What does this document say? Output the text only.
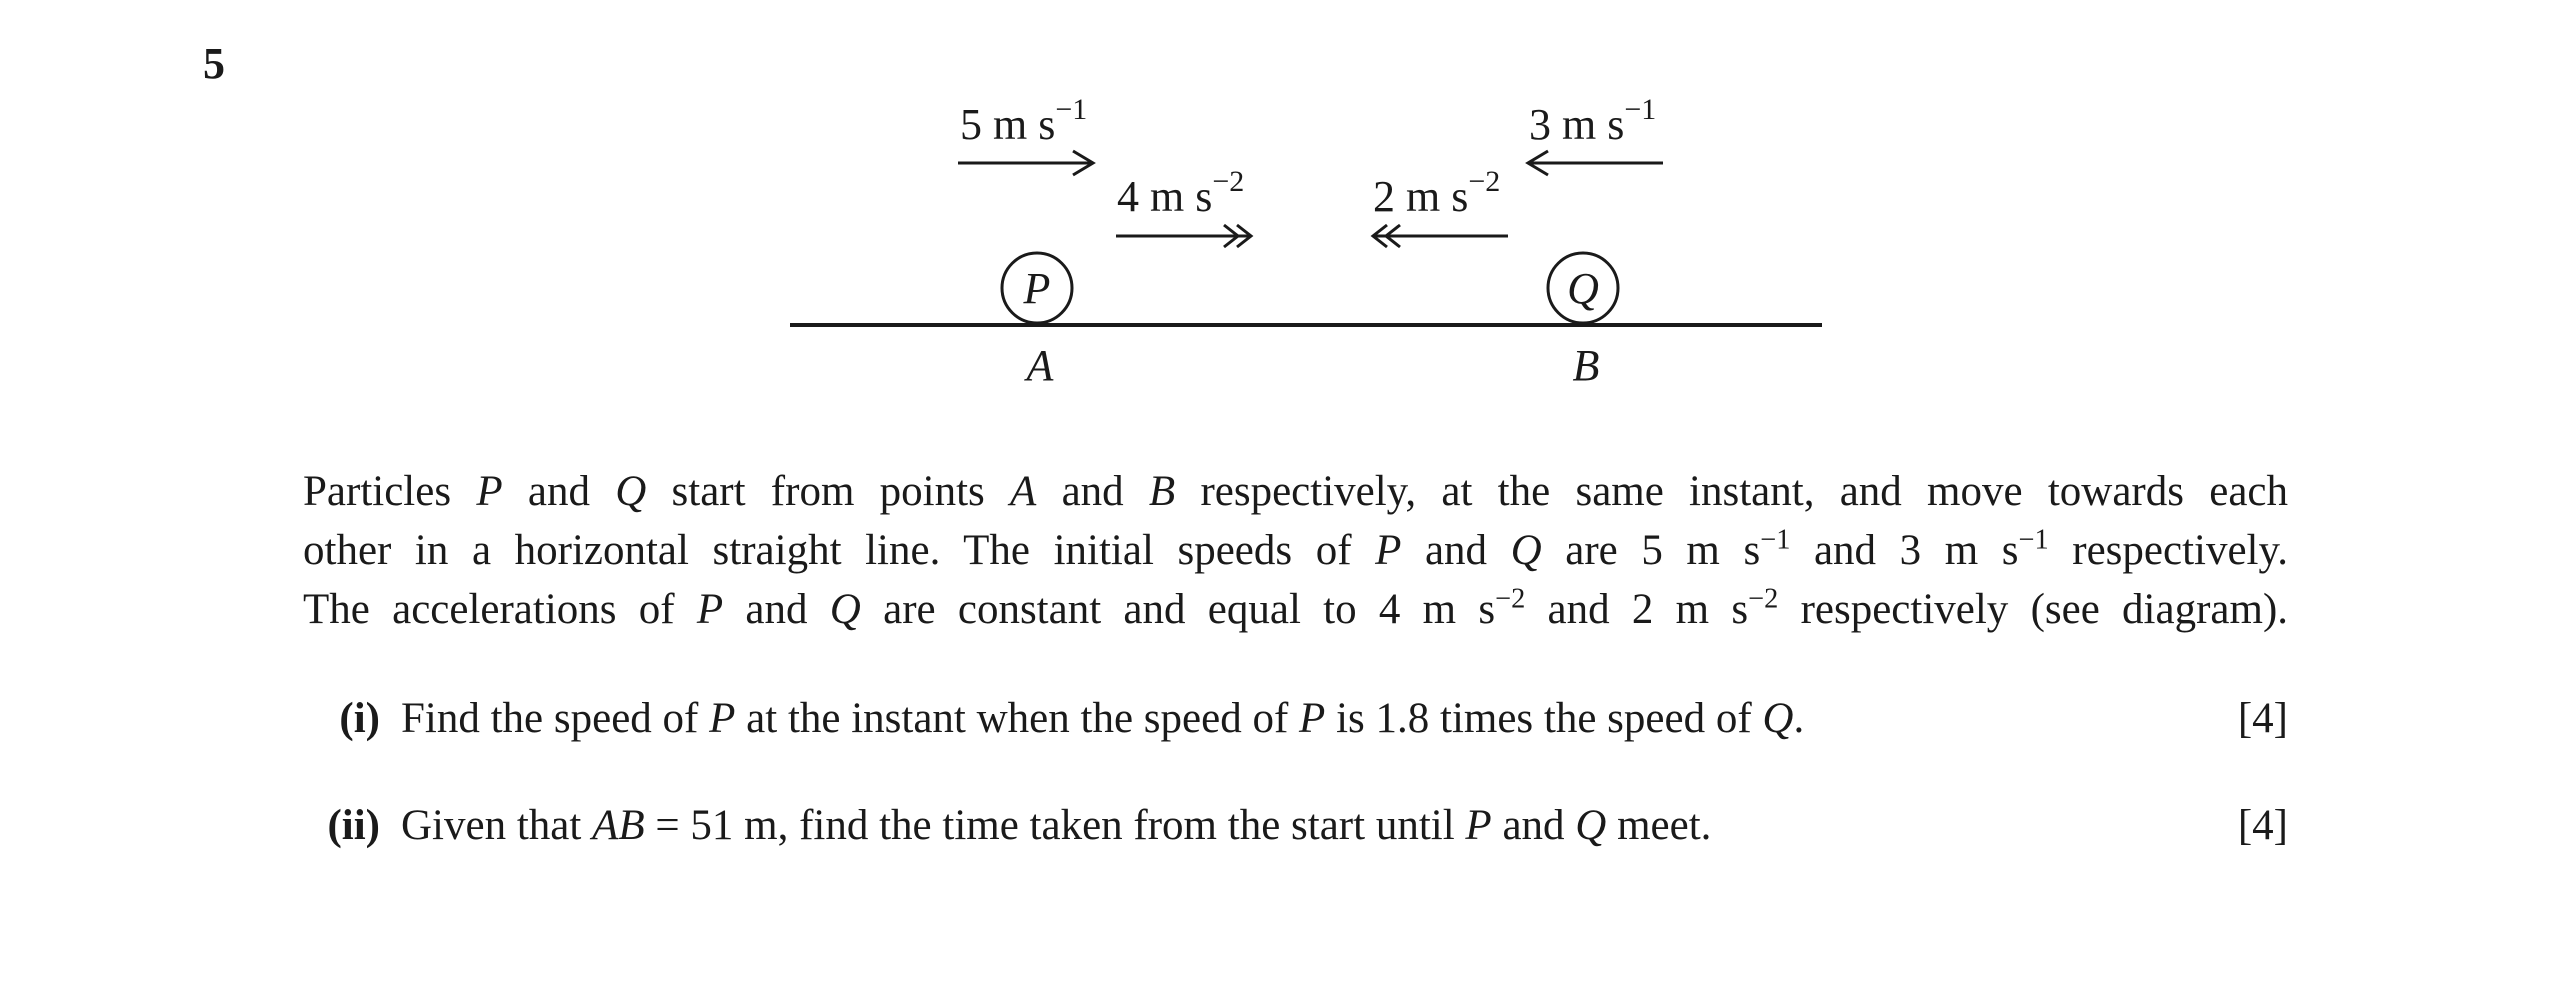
5
5 m $s^{-1}$
4 m $s^{-2}$	2 m $s^{-2}$
3 m $s^{-1}$
P	Q
A	B
Particles P and Q start from points A and B respectively, at the same instant, and move towards each
other in a horizontal straight line. The initial speeds of P and Q are 5 m $s^{-1}$ and 3 m $s^{-1}$ respectively.
The accelerations of P and Q are constant and equal to 4 m $s^{-2}$ and 2 m $s^{-2}$ respectively (see diagram).
(i) Find the speed of P at the instant when the speed of P is 1.8 times the speed of Q.	[4]
(ii) Given that AB = 51 m, find the time taken from the start until P and Q meet.	[4]
